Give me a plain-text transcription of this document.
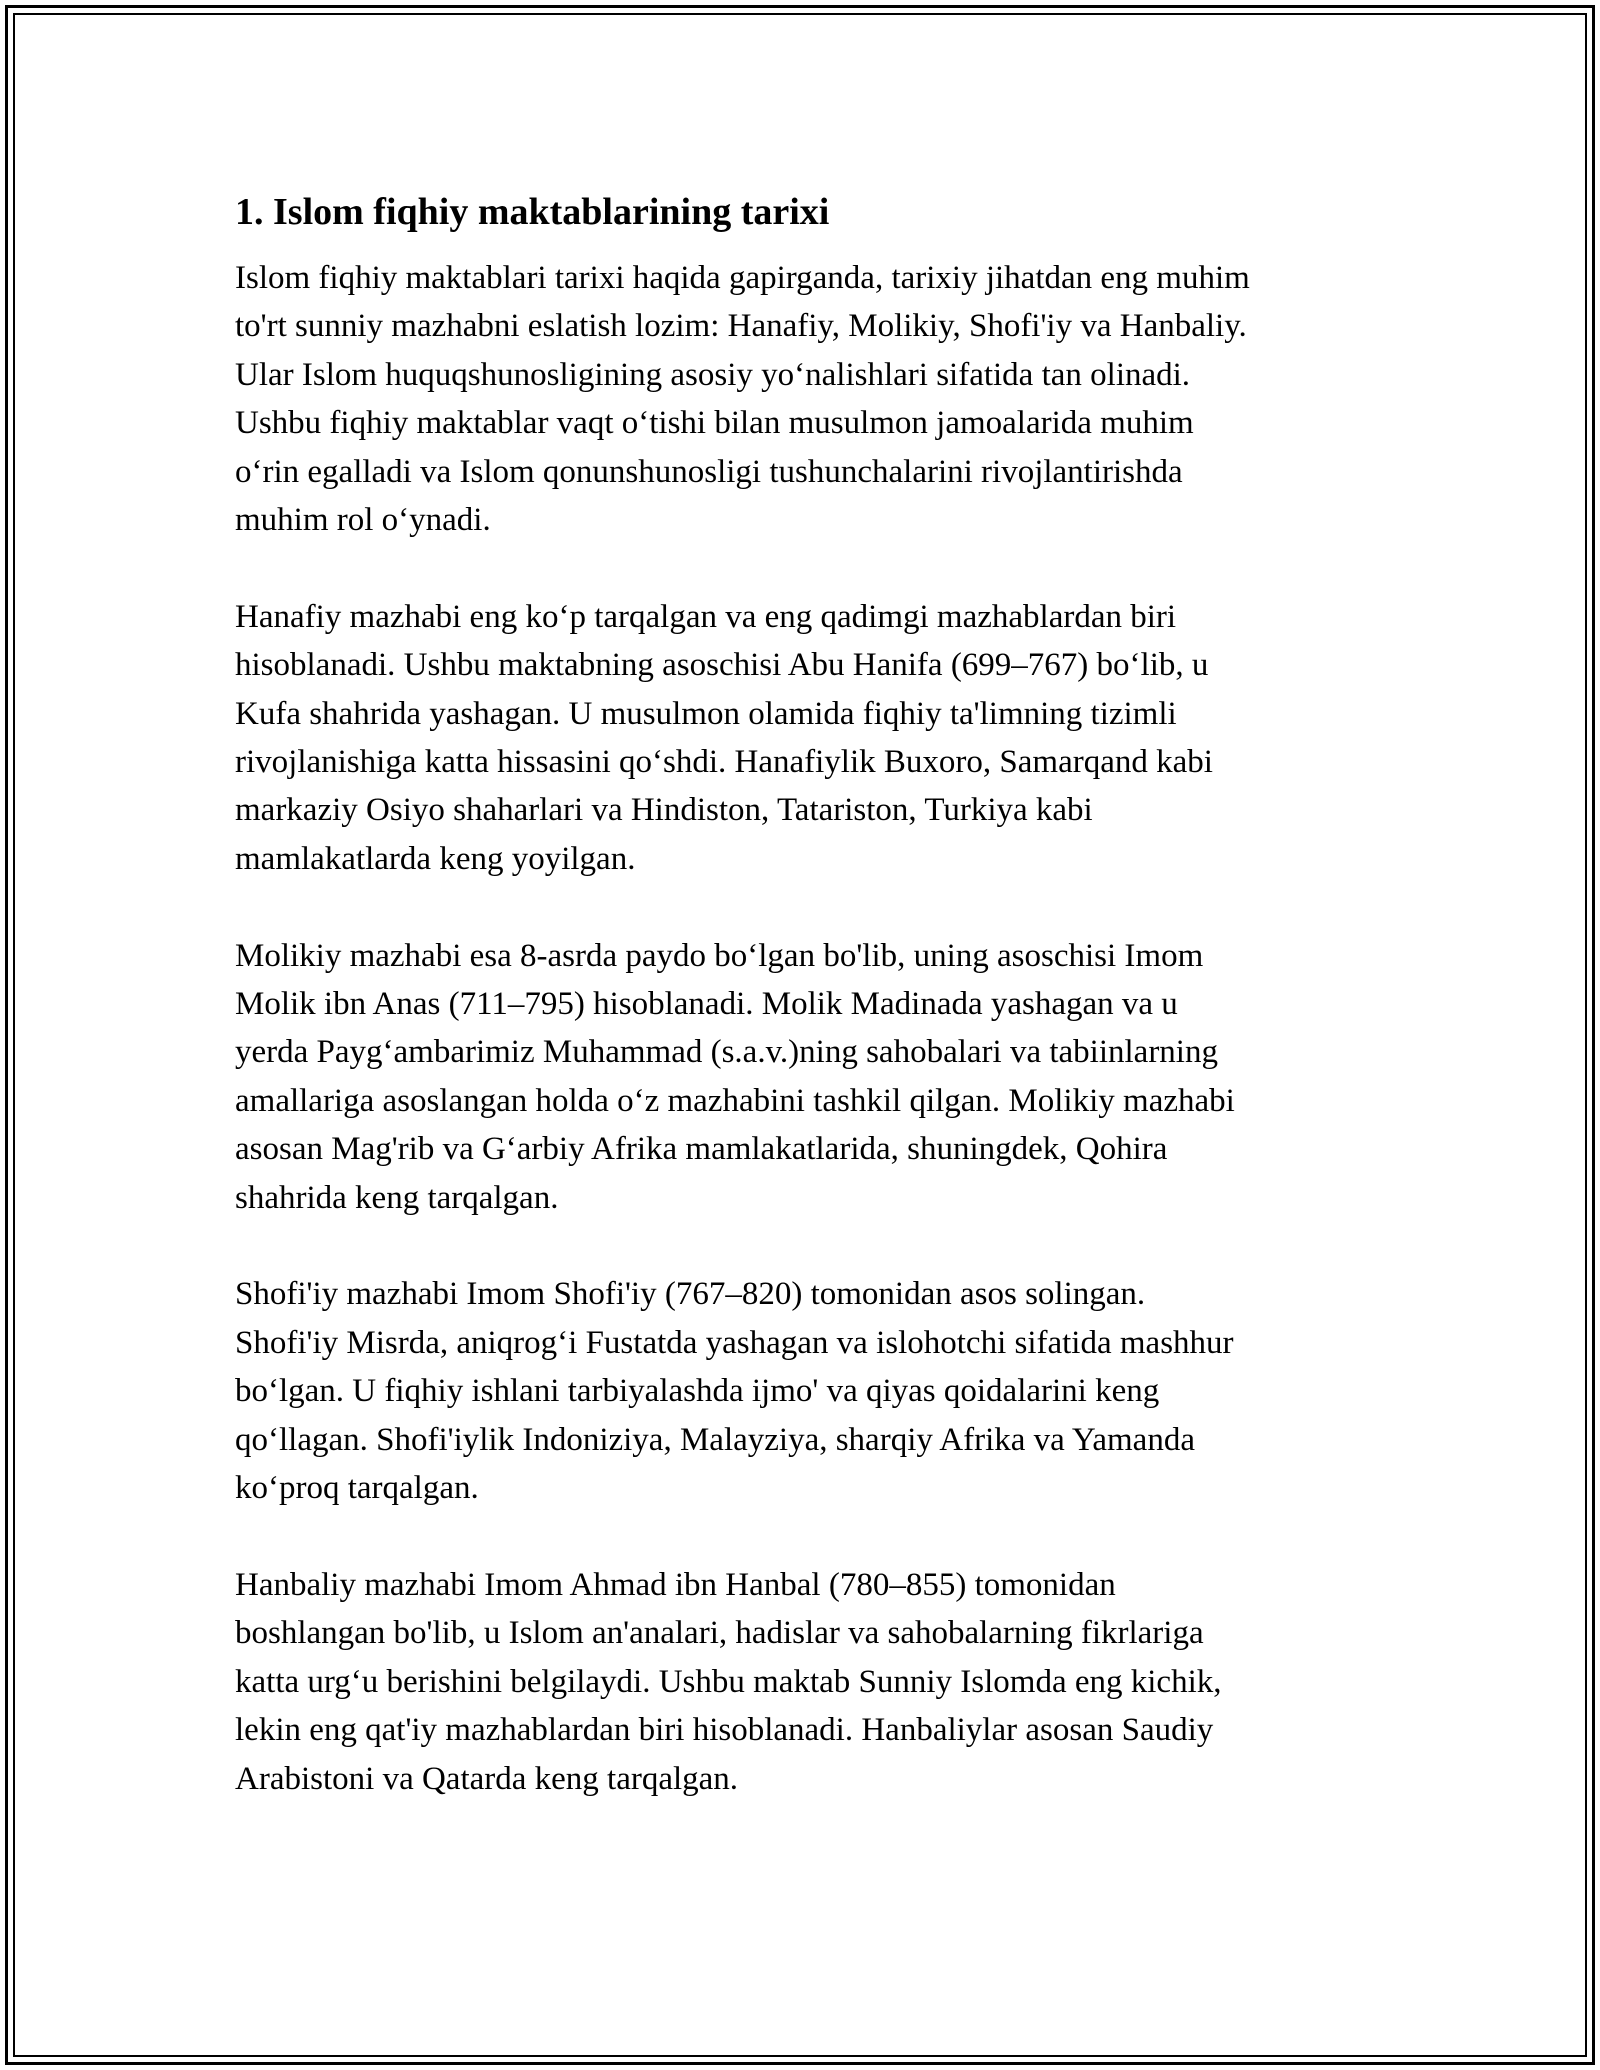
1. Islom fiqhiy maktablarining tarixi

Islom fiqhiy maktablari tarixi haqida gapirganda, tarixiy jihatdan eng muhim
to'rt sunniy mazhabni eslatish lozim: Hanafiy, Molikiy, Shofi'iy va Hanbaliy.
Ular Islom huquqshunosligining asosiy yoʻnalishlari sifatida tan olinadi.
Ushbu fiqhiy maktablar vaqt oʻtishi bilan musulmon jamoalarida muhim
oʻrin egalladi va Islom qonunshunosligi tushunchalarini rivojlantirishda
muhim rol oʻynadi.

Hanafiy mazhabi eng koʻp tarqalgan va eng qadimgi mazhablardan biri
hisoblanadi. Ushbu maktabning asoschisi Abu Hanifa (699–767) boʻlib, u
Kufa shahrida yashagan. U musulmon olamida fiqhiy ta'limning tizimli
rivojlanishiga katta hissasini qoʻshdi. Hanafiylik Buxoro, Samarqand kabi
markaziy Osiyo shaharlari va Hindiston, Tatariston, Turkiya kabi
mamlakatlarda keng yoyilgan.

Molikiy mazhabi esa 8-asrda paydo boʻlgan bo'lib, uning asoschisi Imom
Molik ibn Anas (711–795) hisoblanadi. Molik Madinada yashagan va u
yerda Paygʻambarimiz Muhammad (s.a.v.)ning sahobalari va tabiinlarning
amallariga asoslangan holda oʻz mazhabini tashkil qilgan. Molikiy mazhabi
asosan Mag'rib va Gʻarbiy Afrika mamlakatlarida, shuningdek, Qohira
shahrida keng tarqalgan.

Shofi'iy mazhabi Imom Shofi'iy (767–820) tomonidan asos solingan.
Shofi'iy Misrda, aniqrogʻi Fustatda yashagan va islohotchi sifatida mashhur
boʻlgan. U fiqhiy ishlani tarbiyalashda ijmo' va qiyas qoidalarini keng
qoʻllagan. Shofi'iylik Indoniziya, Malayziya, sharqiy Afrika va Yamanda
koʻproq tarqalgan.

Hanbaliy mazhabi Imom Ahmad ibn Hanbal (780–855) tomonidan
boshlangan bo'lib, u Islom an'analari, hadislar va sahobalarning fikrlariga
katta urgʻu berishini belgilaydi. Ushbu maktab Sunniy Islomda eng kichik,
lekin eng qat'iy mazhablardan biri hisoblanadi. Hanbaliylar asosan Saudiy
Arabistoni va Qatarda keng tarqalgan.
